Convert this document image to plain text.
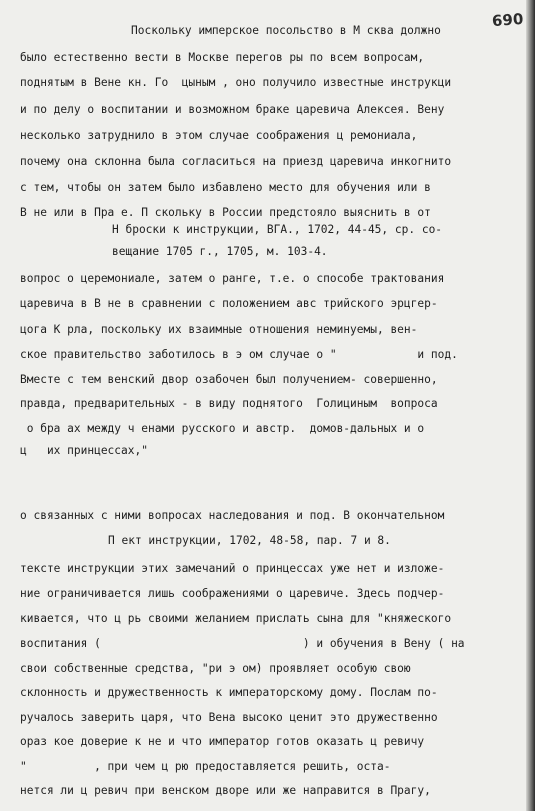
690
Поскольку имперское посольство в М сква должно
было естественно вести в Москве перегов ры по всем вопросам,
поднятым в Вене кн. Го  цыным , оно получило известные инструкци
и по делу о воспитании и возможном браке царевича Алексея. Вену
несколько затруднило в этом случае соображения ц ремониала,
почему она склонна была согласиться на приезд царевича инкогнито
с тем, чтобы он затем было избавлено место для обучения или в
В не или в Пра е. П скольку в России предстояло выяснить в от
Н броски к инструкции, ВГА., 1702, 44-45, ср. со-
вещание 1705 г., 1705, м. 103-4.
вопрос о церемониале, затем о ранге, т.е. о способе трактования
царевича в В не в сравнении с положением авс трийского эрцгер-
цога К рла, поскольку их взаимные отношения неминуемы, вен-
ское правительство заботилось в э ом случае о "            и под.
Вместе с тем венский двор озабочен был получением- совершенно,
правда, предварительных - в виду поднятого  Голициным  вопроса
о бра ах между ч енами русского и австр.  домов-дальных и о
ц   их принцессах,"
о связанных с ними вопросах наследования и под. В окончательном
П ект инструкции, 1702, 48-58, пар. 7 и 8.
тексте инструкции этих замечаний о принцессах уже нет и изложе-
ние ограничивается лишь соображениями о царевиче. Здесь подчер-
кивается, что ц рь своими желанием прислать сына для "княжеского
воспитания (                              ) и обучения в Вену ( на
свои собственные средства, "ри э ом) проявляет особую свою
склонность и дружественность к императорскому дому. Послам по-
ручалось заверить царя, что Вена высоко ценит это дружественно
ораз кое доверие к не и что император готов оказать ц ревичу
"          , при чем ц рю предоставляется решить, оста-
нется ли ц ревич при венском дворе или же направится в Прагу,
